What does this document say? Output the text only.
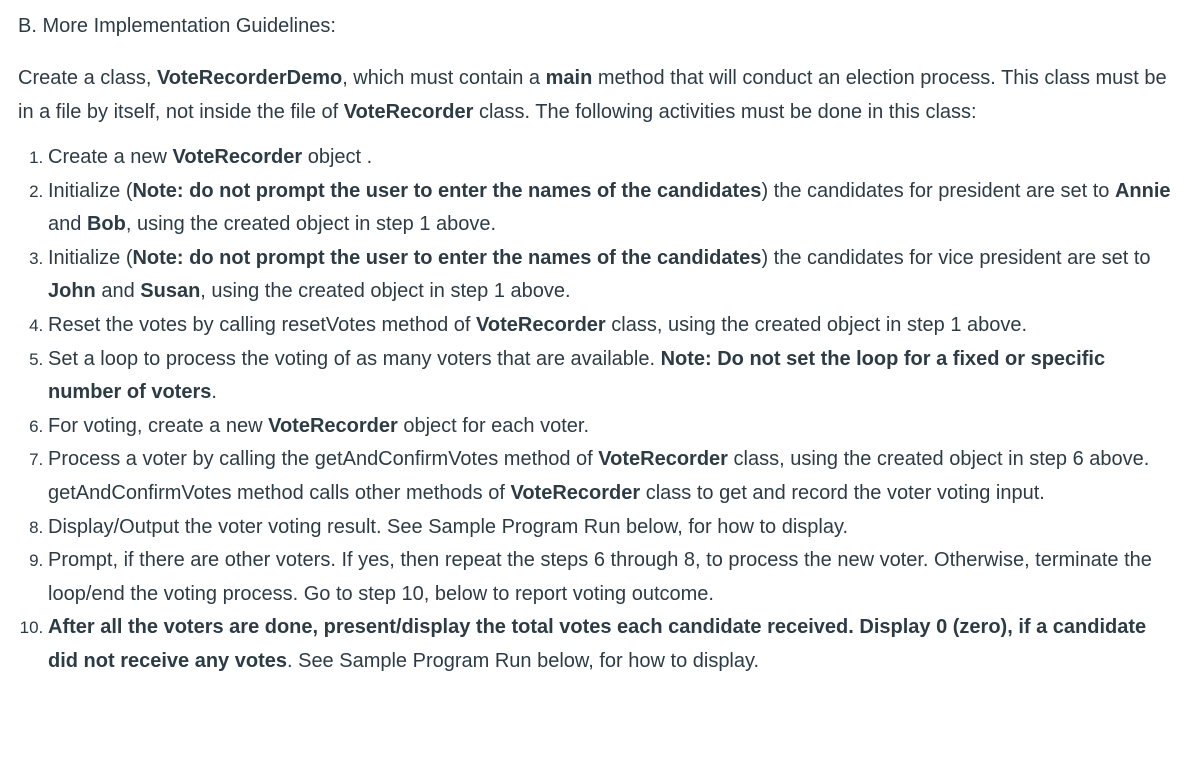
B. More Implementation Guidelines:

Create a class, VoteRecorderDemo, which must contain a main method that will conduct an election process. This class must be in a file by itself, not inside the file of VoteRecorder class. The following activities must be done in this class:

1. Create a new VoteRecorder object .
2. Initialize (Note: do not prompt the user to enter the names of the candidates) the candidates for president are set to Annie and Bob, using the created object in step 1 above.
3. Initialize (Note: do not prompt the user to enter the names of the candidates) the candidates for vice president are set to John and Susan, using the created object in step 1 above.
4. Reset the votes by calling resetVotes method of VoteRecorder class, using the created object in step 1 above.
5. Set a loop to process the voting of as many voters that are available. Note: Do not set the loop for a fixed or specific number of voters.
6. For voting, create a new VoteRecorder object for each voter.
7. Process a voter by calling the getAndConfirmVotes method of VoteRecorder class, using the created object in step 6 above. getAndConfirmVotes method calls other methods of VoteRecorder class to get and record the voter voting input.
8. Display/Output the voter voting result. See Sample Program Run below, for how to display.
9. Prompt, if there are other voters. If yes, then repeat the steps 6 through 8, to process the new voter. Otherwise, terminate the loop/end the voting process. Go to step 10, below to report voting outcome.
10. After all the voters are done, present/display the total votes each candidate received. Display 0 (zero), if a candidate did not receive any votes. See Sample Program Run below, for how to display.
